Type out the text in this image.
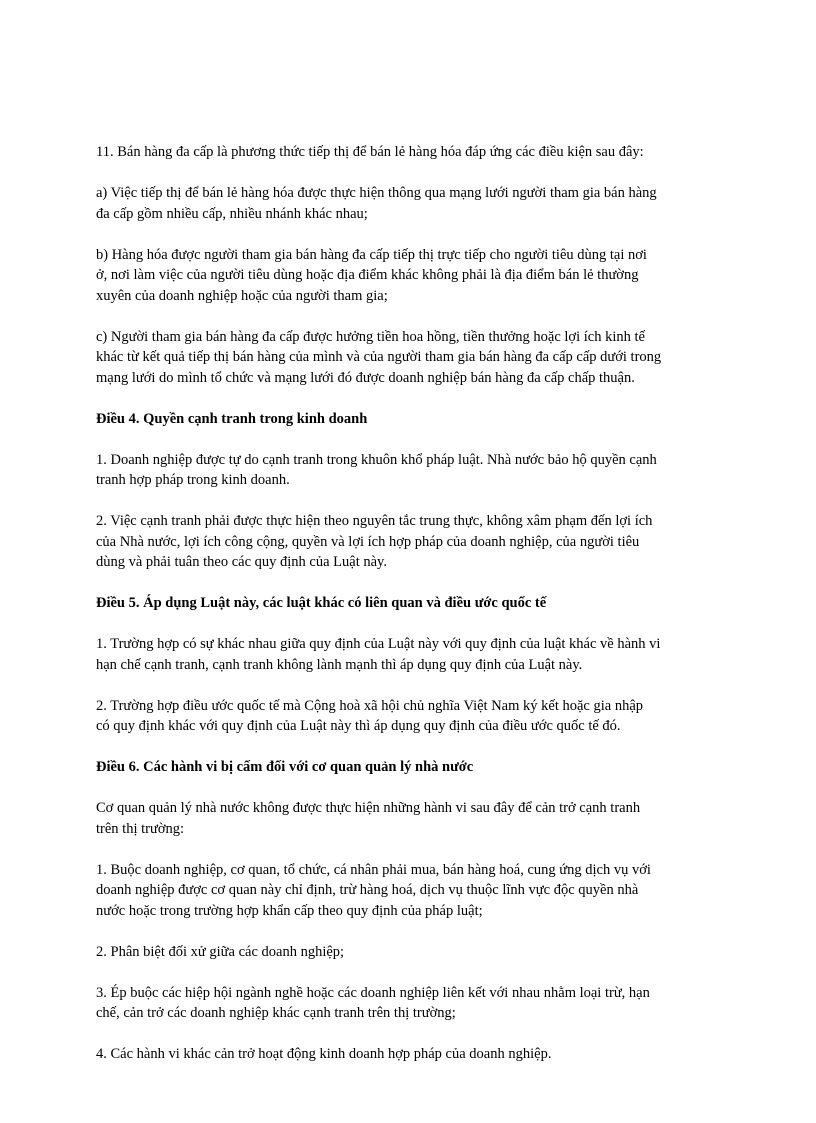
11. Bán hàng đa cấp là phương thức tiếp thị để bán lẻ hàng hóa đáp ứng các điều kiện sau đây:

a) Việc tiếp thị để bán lẻ hàng hóa được thực hiện thông qua mạng lưới người tham gia bán hàng

đa cấp gồm nhiều cấp, nhiều nhánh khác nhau;

b) Hàng hóa được người tham gia bán hàng đa cấp tiếp thị trực tiếp cho người tiêu dùng tại nơi

ở, nơi làm việc của người tiêu dùng hoặc địa điểm khác không phải là địa điểm bán lẻ thường

xuyên của doanh nghiệp hoặc của người tham gia;

c) Người tham gia bán hàng đa cấp được hưởng tiền hoa hồng, tiền thưởng hoặc lợi ích kinh tế

khác từ kết quả tiếp thị bán hàng của mình và của người tham gia bán hàng đa cấp cấp dưới trong

mạng lưới do mình tổ chức và mạng lưới đó được doanh nghiệp bán hàng đa cấp chấp thuận.

Điều 4. Quyền cạnh tranh trong kinh doanh

1. Doanh nghiệp được tự do cạnh tranh trong khuôn khổ pháp luật. Nhà nước bảo hộ quyền cạnh

tranh hợp pháp trong kinh doanh.

2. Việc cạnh tranh phải được thực hiện theo nguyên tắc trung thực, không xâm phạm đến lợi ích

của Nhà nước, lợi ích công cộng, quyền và lợi ích hợp pháp của doanh nghiệp, của người tiêu

dùng và phải tuân theo các quy định của Luật này.

Điều 5. Áp dụng Luật này, các luật khác có liên quan và điều ước quốc tế

1. Trường hợp có sự khác nhau giữa quy định của Luật này với quy định của luật khác về hành vi

hạn chế cạnh tranh, cạnh tranh không lành mạnh thì áp dụng quy định của Luật này.

2. Trường hợp điều ước quốc tế mà Cộng hoà xã hội chủ nghĩa Việt Nam ký kết hoặc gia nhập

có quy định khác với quy định của Luật này thì áp dụng quy định của điều ước quốc tế đó.

Điều 6. Các hành vi bị cấm đối với cơ quan quản lý nhà nước

Cơ quan quản lý nhà nước không được thực hiện những hành vi sau đây để cản trở cạnh tranh

trên thị trường:

1. Buộc doanh nghiệp, cơ quan, tổ chức, cá nhân phải mua, bán hàng hoá, cung ứng dịch vụ với

doanh nghiệp được cơ quan này chỉ định, trừ hàng hoá, dịch vụ thuộc lĩnh vực độc quyền nhà

nước hoặc trong trường hợp khẩn cấp theo quy định của pháp luật;

2. Phân biệt đối xử giữa các doanh nghiệp;

3. Ép buộc các hiệp hội ngành nghề hoặc các doanh nghiệp liên kết với nhau nhằm loại trừ, hạn

chế, cản trở các doanh nghiệp khác cạnh tranh trên thị trường;

4. Các hành vi khác cản trở hoạt động kinh doanh hợp pháp của doanh nghiệp.
